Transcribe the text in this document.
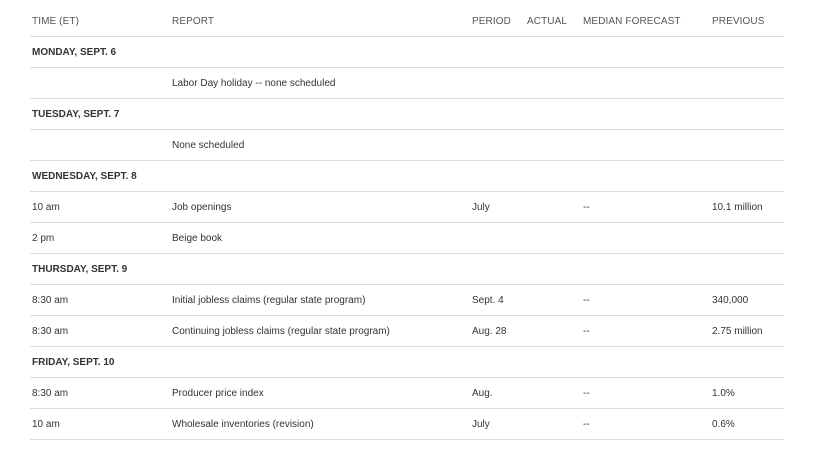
TIME (ET)	REPORT	PERIOD	ACTUAL	MEDIAN FORECAST	PREVIOUS
MONDAY, SEPT. 6					
	Labor Day holiday -- none scheduled				
TUESDAY, SEPT. 7					
	None scheduled				
WEDNESDAY, SEPT. 8					
10 am	Job openings	July		--	10.1 million
2 pm	Beige book				
THURSDAY, SEPT. 9					
8:30 am	Initial jobless claims (regular state program)	Sept. 4		--	340,000
8:30 am	Continuing jobless claims (regular state program)	Aug. 28		--	2.75 million
FRIDAY, SEPT. 10					
8:30 am	Producer price index	Aug.		--	1.0%
10 am	Wholesale inventories (revision)	July		--	0.6%
